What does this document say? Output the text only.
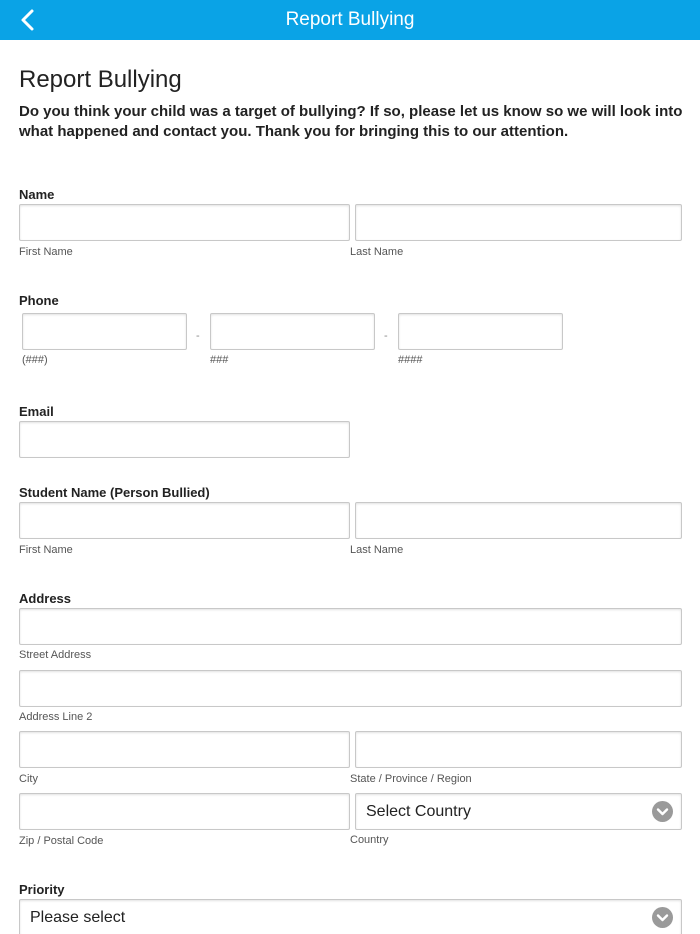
Report Bullying
Report Bullying
Do you think your child was a target of bullying? If so, please let us know so we will look into what happened and contact you. Thank you for bringing this to our attention.
Name
First Name	Last Name
Phone
-	-
(###)	###	####
Email
Student Name (Person Bullied)
First Name	Last Name
Address
Street Address
Address Line 2
City	State / Province / Region
Select Country
Zip / Postal Code	Country
Priority
Please select
